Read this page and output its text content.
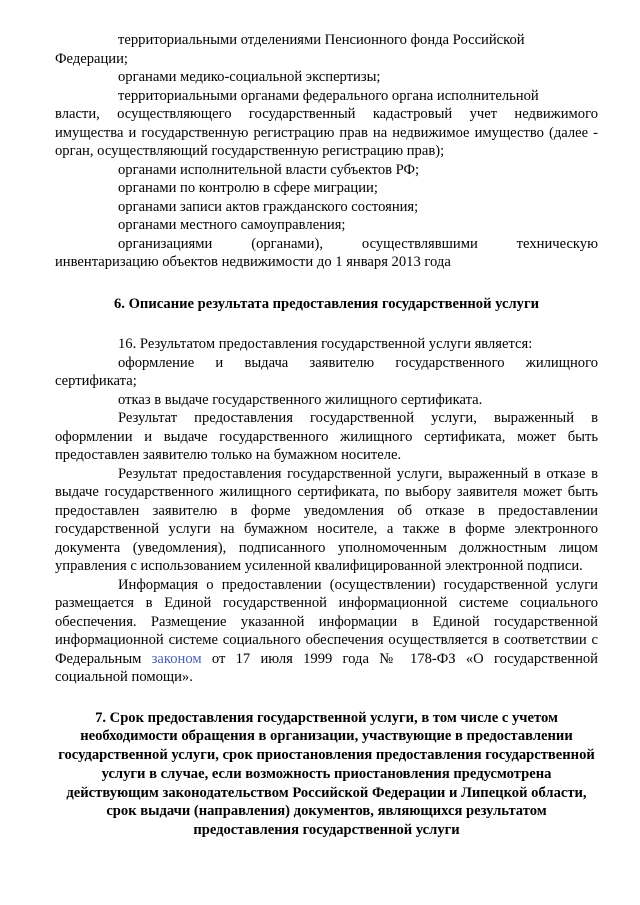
территориальными отделениями Пенсионного фонда Российской

Федерации;

органами медико-социальной экспертизы;

территориальными органами федерального органа исполнительной

власти, осуществляющего государственный кадастровый учет недвижимого имущества и государственную регистрацию прав на недвижимое имущество (далее - орган, осуществляющий государственную регистрацию прав);

органами исполнительной власти субъектов РФ;

органами по контролю в сфере миграции;

органами записи актов гражданского состояния;

органами местного самоуправления;

организациями (органами), осуществлявшими техническую

инвентаризацию объектов недвижимости до 1 января 2013 года

6. Описание результата предоставления государственной услуги

16. Результатом предоставления государственной услуги является:

оформление и выдача заявителю государственного жилищного

сертификата;

отказ в выдаче государственного жилищного сертификата.

Результат предоставления государственной услуги, выраженный в оформлении и выдаче государственного жилищного сертификата, может быть предоставлен заявителю только на бумажном носителе.

Результат предоставления государственной услуги, выраженный в отказе в выдаче государственного жилищного сертификата, по выбору заявителя может быть предоставлен заявителю в форме уведомления об отказе в предоставлении государственной услуги на бумажном носителе, а также в форме электронного документа (уведомления), подписанного уполномоченным должностным лицом управления с использованием усиленной квалифицированной электронной подписи.

Информация о предоставлении (осуществлении) государственной услуги размещается в Единой государственной информационной системе социального обеспечения. Размещение указанной информации в Единой государственной информационной системе социального обеспечения осуществляется в соответствии с Федеральным законом от 17 июля 1999 года № 178-ФЗ «О государственной социальной помощи».

7. Срок предоставления государственной услуги, в том числе с учетом необходимости обращения в организации, участвующие в предоставлении государственной услуги, срок приостановления предоставления государственной услуги в случае, если возможность приостановления предусмотрена действующим законодательством Российской Федерации и Липецкой области, срок выдачи (направления) документов, являющихся результатом предоставления государственной услуги
